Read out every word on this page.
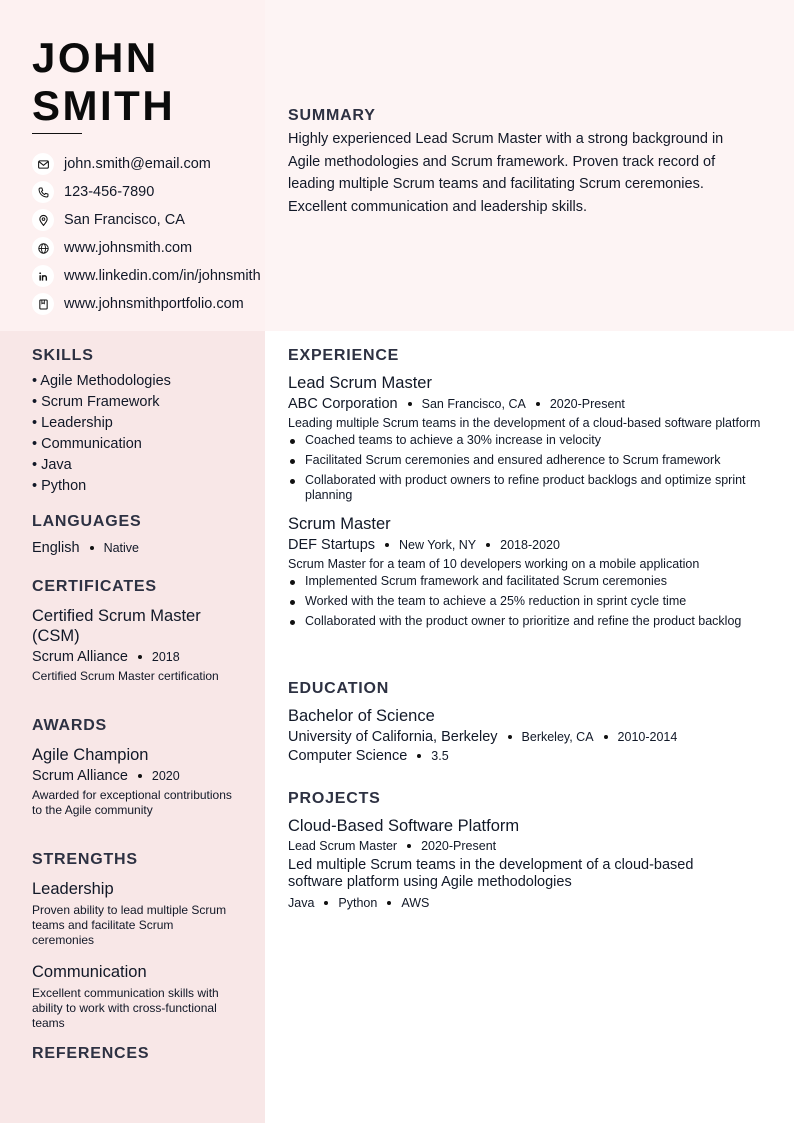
JOHN
SMITH
john.smith@email.com
123-456-7890
San Francisco, CA
www.johnsmith.com
www.linkedin.com/in/johnsmith
www.johnsmithportfolio.com
SUMMARY
Highly experienced Lead Scrum Master with a strong background in Agile methodologies and Scrum framework. Proven track record of leading multiple Scrum teams and facilitating Scrum ceremonies. Excellent communication and leadership skills.
SKILLS
• Agile Methodologies
• Scrum Framework
• Leadership
• Communication
• Java
• Python
LANGUAGES
English Native
CERTIFICATES
Certified Scrum Master (CSM)
Scrum Alliance 2018
Certified Scrum Master certification
AWARDS
Agile Champion
Scrum Alliance 2020
Awarded for exceptional contributions to the Agile community
STRENGTHS
Leadership
Proven ability to lead multiple Scrum teams and facilitate Scrum ceremonies
Communication
Excellent communication skills with ability to work with cross-functional teams
REFERENCES
EXPERIENCE
Lead Scrum Master
ABC Corporation San Francisco, CA 2020-Present
Leading multiple Scrum teams in the development of a cloud-based software platform
Coached teams to achieve a 30% increase in velocity
Facilitated Scrum ceremonies and ensured adherence to Scrum framework
Collaborated with product owners to refine product backlogs and optimize sprint planning
Scrum Master
DEF Startups New York, NY 2018-2020
Scrum Master for a team of 10 developers working on a mobile application
Implemented Scrum framework and facilitated Scrum ceremonies
Worked with the team to achieve a 25% reduction in sprint cycle time
Collaborated with the product owner to prioritize and refine the product backlog
EDUCATION
Bachelor of Science
University of California, Berkeley Berkeley, CA 2010-2014
Computer Science 3.5
PROJECTS
Cloud-Based Software Platform
Lead Scrum Master 2020-Present
Led multiple Scrum teams in the development of a cloud-based software platform using Agile methodologies
Java Python AWS
